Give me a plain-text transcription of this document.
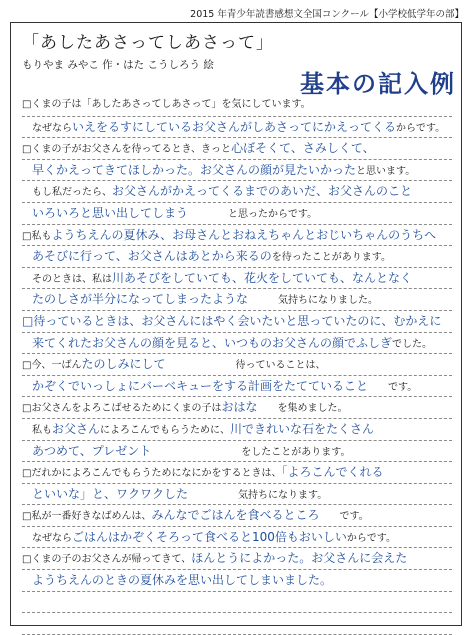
2015 年青少年読書感想文全国コンクール【小学校低学年の部】
「あしたあさってしあさって」
もりやま みやこ 作・はた こうしろう 絵
基本の記入例
□くまの子は「あしたあさってしあさって」を気にしています。
　なぜならいえをるすにしているお父さんがしあさってにかえってくるからです。
□くまの子がお父さんを待ってるとき、きっと心ぼそくて、さみしくて、
　早くかえってきてほしかった。お父さんの顔が見たいかったと思います。
　もし私だったら、お父さんがかえってくるまでのあいだ、お父さんのこと
　いろいろと思い出してしまう　　　　と思ったからです。
□私もようちえんの夏休み、お母さんとおねえちゃんとおじいちゃんのうちへ
　あそびに行って、お父さんはあとから来るのを待ったことがあります。
　そのときは、私は川あそびをしていても、花火をしていても、なんとなく
　たのしさが半分になってしまったような　　　気持ちになりました。
□待っているときは、お父さんにはやく会いたいと思っていたのに、むかえに
　来てくれたお父さんの顔を見ると、いつものお父さんの顔でふしぎでした。
□今、一ばんたのしみにして　　　　　　　待っていることは、
　かぞくでいっしょにバーベキューをする計画をたてていること　　です。
□お父さんをよろこばせるためにくまの子はおはな　　を集めました。
　私もお父さんによろこんでもらうために、川できれいな石をたくさん
　あつめて、プレゼント　　　　　　　　　をしたことがあります。
□だれかによろこんでもらうためになにかをするときは、「よろこんでくれる
　といいな」と、ワクワクした　　　　　気持ちになります。
□私が一番好きなばめんは、みんなでごはんを食べるところ　　です。
　なぜならごはんはかぞくそろって食べると100倍もおいしいからです。
□くまの子のお父さんが帰ってきて、ほんとうによかった。お父さんに会えた
　ようちえんのときの夏休みを思い出してしまいました。
